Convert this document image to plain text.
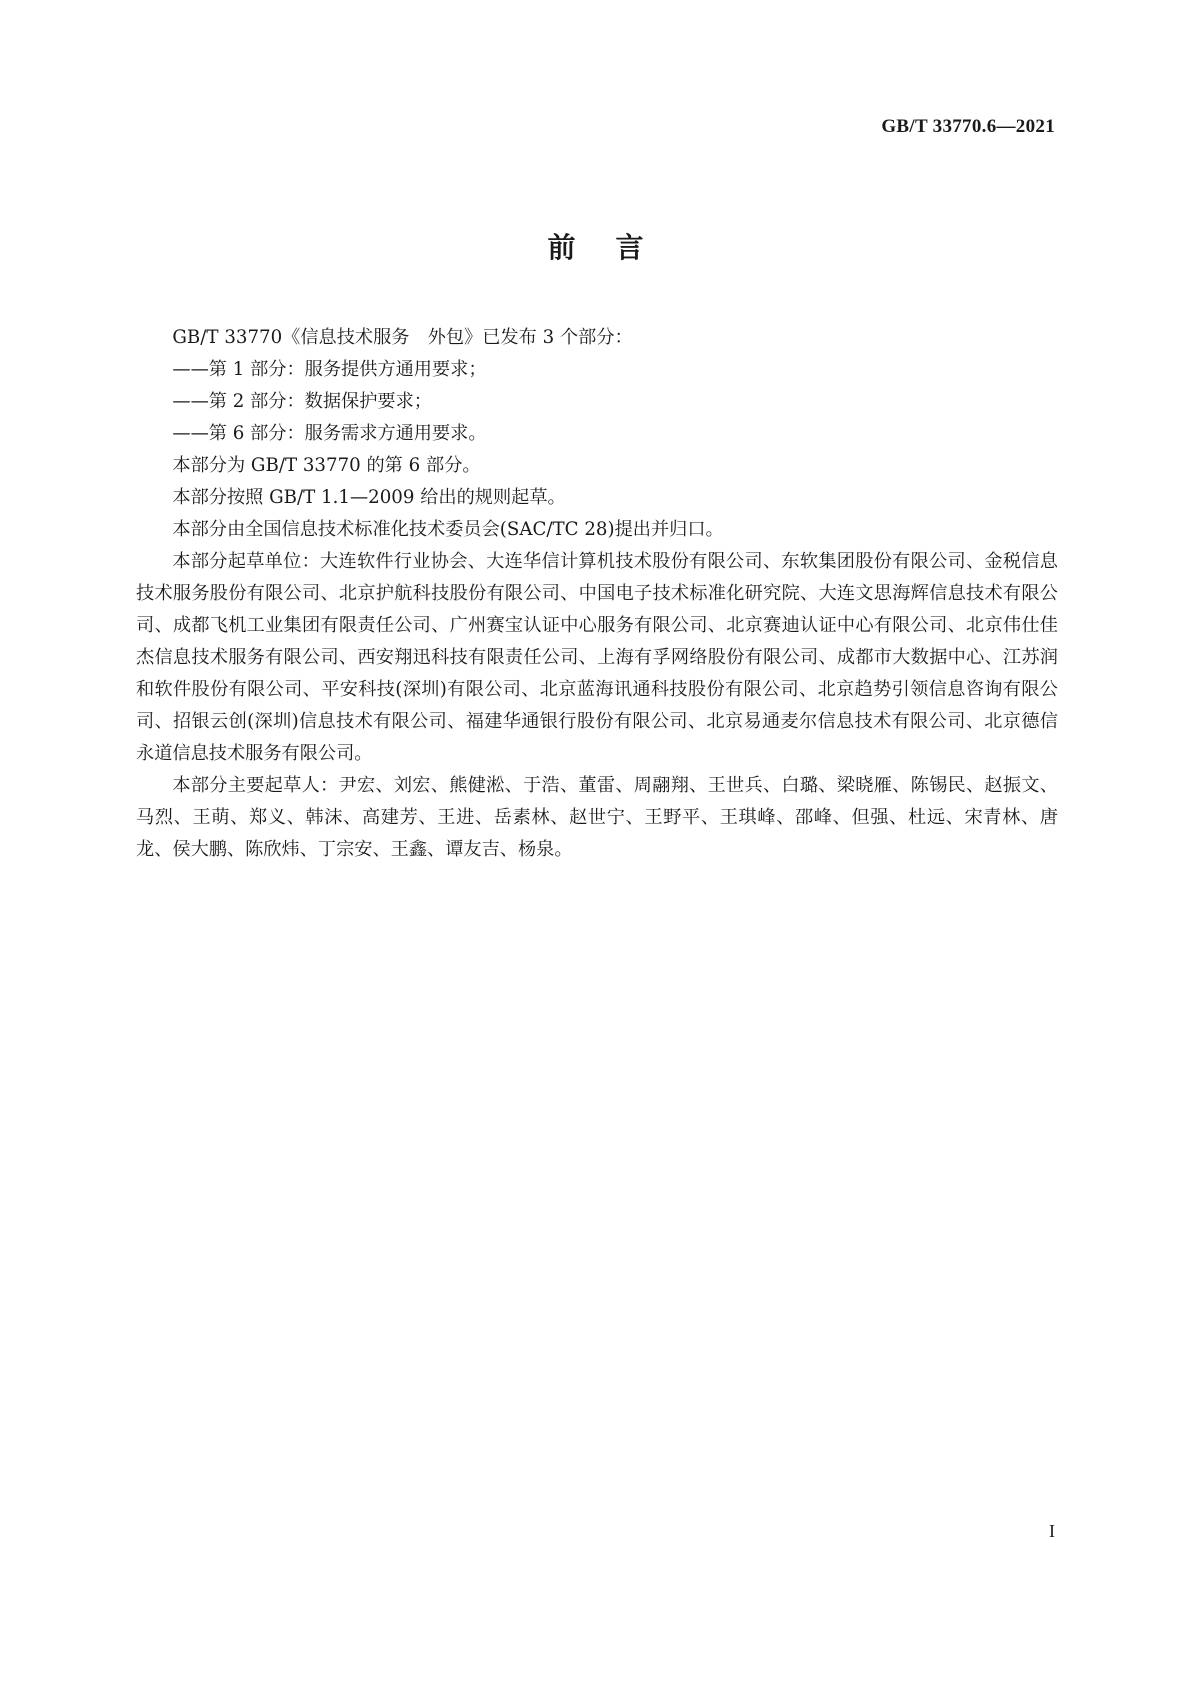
GB/T 33770.6—2021
前言

GB/T 33770《信息技术服务　外包》已发布 3 个部分：

——第 1 部分：服务提供方通用要求；

——第 2 部分：数据保护要求；

——第 6 部分：服务需求方通用要求。

本部分为 GB/T 33770 的第 6 部分。

本部分按照 GB/T 1.1—2009 给出的规则起草。

本部分由全国信息技术标准化技术委员会(SAC/TC 28)提出并归口。

本部分起草单位：大连软件行业协会、大连华信计算机技术股份有限公司、东软集团股份有限公司、金税信息技术服务股份有限公司、北京护航科技股份有限公司、中国电子技术标准化研究院、大连文思海辉信息技术有限公司、成都飞机工业集团有限责任公司、广州赛宝认证中心服务有限公司、北京赛迪认证中心有限公司、北京伟仕佳杰信息技术服务有限公司、西安翔迅科技有限责任公司、上海有孚网络股份有限公司、成都市大数据中心、江苏润和软件股份有限公司、平安科技(深圳)有限公司、北京蓝海讯通科技股份有限公司、北京趋势引领信息咨询有限公司、招银云创(深圳)信息技术有限公司、福建华通银行股份有限公司、北京易通麦尔信息技术有限公司、北京德信永道信息技术服务有限公司。

本部分主要起草人：尹宏、刘宏、熊健淞、于浩、董雷、周翮翔、王世兵、白璐、梁晓雁、陈锡民、赵振文、马烈、王萌、郑义、韩沫、高建芳、王进、岳素林、赵世宁、王野平、王琪峰、邵峰、但强、杜远、宋青林、唐龙、侯大鹏、陈欣炜、丁宗安、王鑫、谭友吉、杨泉。

I
